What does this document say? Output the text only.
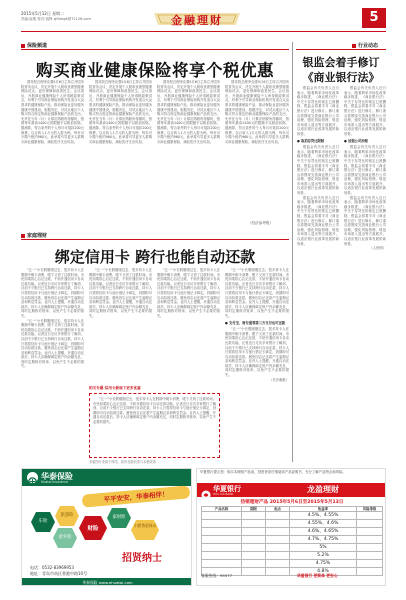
2015年5月12日 星期二
责编:崔敬 校对:钱铮 zjfhmg6@71126.com	金融理财	5
保险频道	行业动态
购买商业健康保险将享个税优惠

国务院总理李克强5月6日主持召开国务院常务会议，决定开展个人税收优惠型健康保险试点，更好保障和改善民生。会议指出，开展商业健康保险个人所得税政策试点，有利于引导商业保险机构开发适合大众需求的健康保险产品，推动保险业更好服务健康中国建设。根据决定，对试点地区个人购买符合规定的商业健康保险产品的支出，允许在当年（月）计算应纳税所得额时，按照每年最高2400元的限额予以税前扣除。据测算，符合条件的个人每月可抵扣200元保费，以月收入1万元的人群为例，每年可少缴个税约960元。此举将引导更多人群购买商业健康保险，减轻医疗支出负担。

国务院总理李克强5月6日主持召开国务院常务会议，决定开展个人税收优惠型健康保险试点，更好保障和改善民生。会议指出，开展商业健康保险个人所得税政策试点，有利于引导商业保险机构开发适合大众需求的健康保险产品，推动保险业更好服务健康中国建设。根据决定，对试点地区个人购买符合规定的商业健康保险产品的支出，允许在当年（月）计算应纳税所得额时，按照每年最高2400元的限额予以税前扣除。据测算，符合条件的个人每月可抵扣200元保费，以月收入1万元的人群为例，每年可少缴个税约960元。此举将引导更多人群购买商业健康保险，减轻医疗支出负担。

国务院总理李克强5月6日主持召开国务院常务会议，决定开展个人税收优惠型健康保险试点，更好保障和改善民生。会议指出，开展商业健康保险个人所得税政策试点，有利于引导商业保险机构开发适合大众需求的健康保险产品，推动保险业更好服务健康中国建设。根据决定，对试点地区个人购买符合规定的商业健康保险产品的支出，允许在当年（月）计算应纳税所得额时，按照每年最高2400元的限额予以税前扣除。据测算，符合条件的个人每月可抵扣200元保费，以月收入1万元的人群为例，每年可少缴个税约960元。此举将引导更多人群购买商业健康保险，减轻医疗支出负担。

国务院总理李克强5月6日主持召开国务院常务会议，决定开展个人税收优惠型健康保险试点，更好保障和改善民生。会议指出，开展商业健康保险个人所得税政策试点，有利于引导商业保险机构开发适合大众需求的健康保险产品，推动保险业更好服务健康中国建设。根据决定，对试点地区个人购买符合规定的商业健康保险产品的支出，允许在当年（月）计算应纳税所得额时，按照每年最高2400元的限额予以税前扣除。据测算，符合条件的个人每月可抵扣200元保费，以月收入1万元的人群为例，每年可少缴个税约960元。此举将引导更多人群购买商业健康保险，减轻医疗支出负担。

（经济参考报）
银监会着手修订
《商业银行法》

银监会有关负责人近日表示，随着利率市场化改革稳步推进，《商业银行法》中关于存贷比的规定已被删除，银监会将着手对《商业银行法》进行修订。修订重点将围绕完善商业银行公司治理、强化风险管理、规范市场准入退出等方面展开，以适应银行业改革发展的新形势。

● 取消存贷比限制

银监会有关负责人近日表示，随着利率市场化改革稳步推进，《商业银行法》中关于存贷比的规定已被删除，银监会将着手对《商业银行法》进行修订。修订重点将围绕完善商业银行公司治理、强化风险管理、规范市场准入退出等方面展开，以适应银行业改革发展的新形势。

银监会有关负责人近日表示，随着利率市场化改革稳步推进，《商业银行法》中关于存贷比的规定已被删除，银监会将着手对《商业银行法》进行修订。修订重点将围绕完善商业银行公司治理、强化风险管理、规范市场准入退出等方面展开，以适应银行业改革发展的新形势。

银监会有关负责人近日表示，随着利率市场化改革稳步推进，《商业银行法》中关于存贷比的规定已被删除，银监会将着手对《商业银行法》进行修订。修订重点将围绕完善商业银行公司治理、强化风险管理、规范市场准入退出等方面展开，以适应银行业改革发展的新形势。

● 加强公司治理

银监会有关负责人近日表示，随着利率市场化改革稳步推进，《商业银行法》中关于存贷比的规定已被删除，银监会将着手对《商业银行法》进行修订。修订重点将围绕完善商业银行公司治理、强化风险管理、规范市场准入退出等方面展开，以适应银行业改革发展的新形势。

银监会有关负责人近日表示，随着利率市场化改革稳步推进，《商业银行法》中关于存贷比的规定已被删除，银监会将着手对《商业银行法》进行修订。修订重点将围绕完善商业银行公司治理、强化风险管理、规范市场准入退出等方面展开，以适应银行业改革发展的新形势。

（人民网）

家庭理财
绑定信用卡 跨行也能自动还款

"五一"小长假刚刚过去，很多持卡人在假期中刷卡消费，眼下又到了还款时间。市民如果担心忘记还款，不妨开通信用卡自动还款功能。记者近日走访多家银行了解到，目前不少银行已支持跨行自动还款，持卡人只需将信用卡与他行借记卡绑定，到期即可自动扣款还款，避免因忘记还款产生逾期记录和利息罚金。业内人士提醒，开通自动还款后，持卡人应确保绑定账户内余额充足，同时定期核对账单，以免产生不必要的损失。

"五一"小长假刚刚过去，很多持卡人在假期中刷卡消费，眼下又到了还款时间。市民如果担心忘记还款，不妨开通信用卡自动还款功能。记者近日走访多家银行了解到，目前不少银行已支持跨行自动还款，持卡人只需将信用卡与他行借记卡绑定，到期即可自动扣款还款，避免因忘记还款产生逾期记录和利息罚金。业内人士提醒，开通自动还款后，持卡人应确保绑定账户内余额充足，同时定期核对账单，以免产生不必要的损失。

"五一"小长假刚刚过去，很多持卡人在假期中刷卡消费，眼下又到了还款时间。市民如果担心忘记还款，不妨开通信用卡自动还款功能。记者近日走访多家银行了解到，目前不少银行已支持跨行自动还款，持卡人只需将信用卡与他行借记卡绑定，到期即可自动扣款还款，避免因忘记还款产生逾期记录和利息罚金。业内人士提醒，开通自动还款后，持卡人应确保绑定账户内余额充足，同时定期核对账单，以免产生不必要的损失。

"五一"小长假刚刚过去，很多持卡人在假期中刷卡消费，眼下又到了还款时间。市民如果担心忘记还款，不妨开通信用卡自动还款功能。记者近日走访多家银行了解到，目前不少银行已支持跨行自动还款，持卡人只需将信用卡与他行借记卡绑定，到期即可自动扣款还款，避免因忘记还款产生逾期记录和利息罚金。业内人士提醒，开通自动还款后，持卡人应确保绑定账户内余额充足，同时定期核对账单，以免产生不必要的损失。

"五一"小长假刚刚过去，很多持卡人在假期中刷卡消费，眼下又到了还款时间。市民如果担心忘记还款，不妨开通信用卡自动还款功能。记者近日走访多家银行了解到，目前不少银行已支持跨行自动还款，持卡人只需将信用卡与他行借记卡绑定，到期即可自动扣款还款，避免因忘记还款产生逾期记录和利息罚金。业内人士提醒，开通自动还款后，持卡人应确保绑定账户内余额充足，同时定期核对账单，以免产生不必要的损失。

● 支付宝、财付通等第三方支付也可还款

"五一"小长假刚刚过去，很多持卡人在假期中刷卡消费，眼下又到了还款时间。市民如果担心忘记还款，不妨开通信用卡自动还款功能。记者近日走访多家银行了解到，目前不少银行已支持跨行自动还款，持卡人只需将信用卡与他行借记卡绑定，到期即可自动扣款还款，避免因忘记还款产生逾期记录和利息罚金。业内人士提醒，开通自动还款后，持卡人应确保绑定账户内余额充足，同时定期核对账单，以免产生不必要的损失。

（长沙晚报）

相关专题·信用卡新规下更多优惠

"五一"小长假刚刚过去，很多持卡人在假期中刷卡消费，眼下又到了还款时间。市民如果担心忘记还款，不妨开通信用卡自动还款功能。记者近日走访多家银行了解到，目前不少银行已支持跨行自动还款，持卡人只需将信用卡与他行借记卡绑定，到期即可自动扣款还款，避免因忘记还款产生逾期记录和利息罚金。业内人士提醒，开通自动还款后，持卡人应确保绑定账户内余额充足，同时定期核对账单，以免产生不必要的损失。

本版图片来源于网络，如涉及版权请与本报联系
华泰保险
Huatai Insurance
平平安安，华泰相伴！
车险
旅游险
财险
家财险
意外险
小额贷款保证
招贤纳士
电话：0532-83969953
地址：青岛市南区香港中路10号
华泰保险 www.ehuatai.com
华夏银行提示您：购买本理财产品前，投资者须仔细阅读产品说明书，充分了解产品特点和风险。
华夏银行
HUA XIA BANK	龙盈理财
热销理财产品 2015年5月6日至2015年5月13日
产品名称	期限	起点	收益率	风险等级
			4.5%、4.55%	
			4.55%、4.6%	
			4.6%、4.65%	
			4.7%、4.75%	
			5%	
			5.2%	
			4.75%	
			4.8%	
客服热线：95577	华夏银行 更简单 更安心
